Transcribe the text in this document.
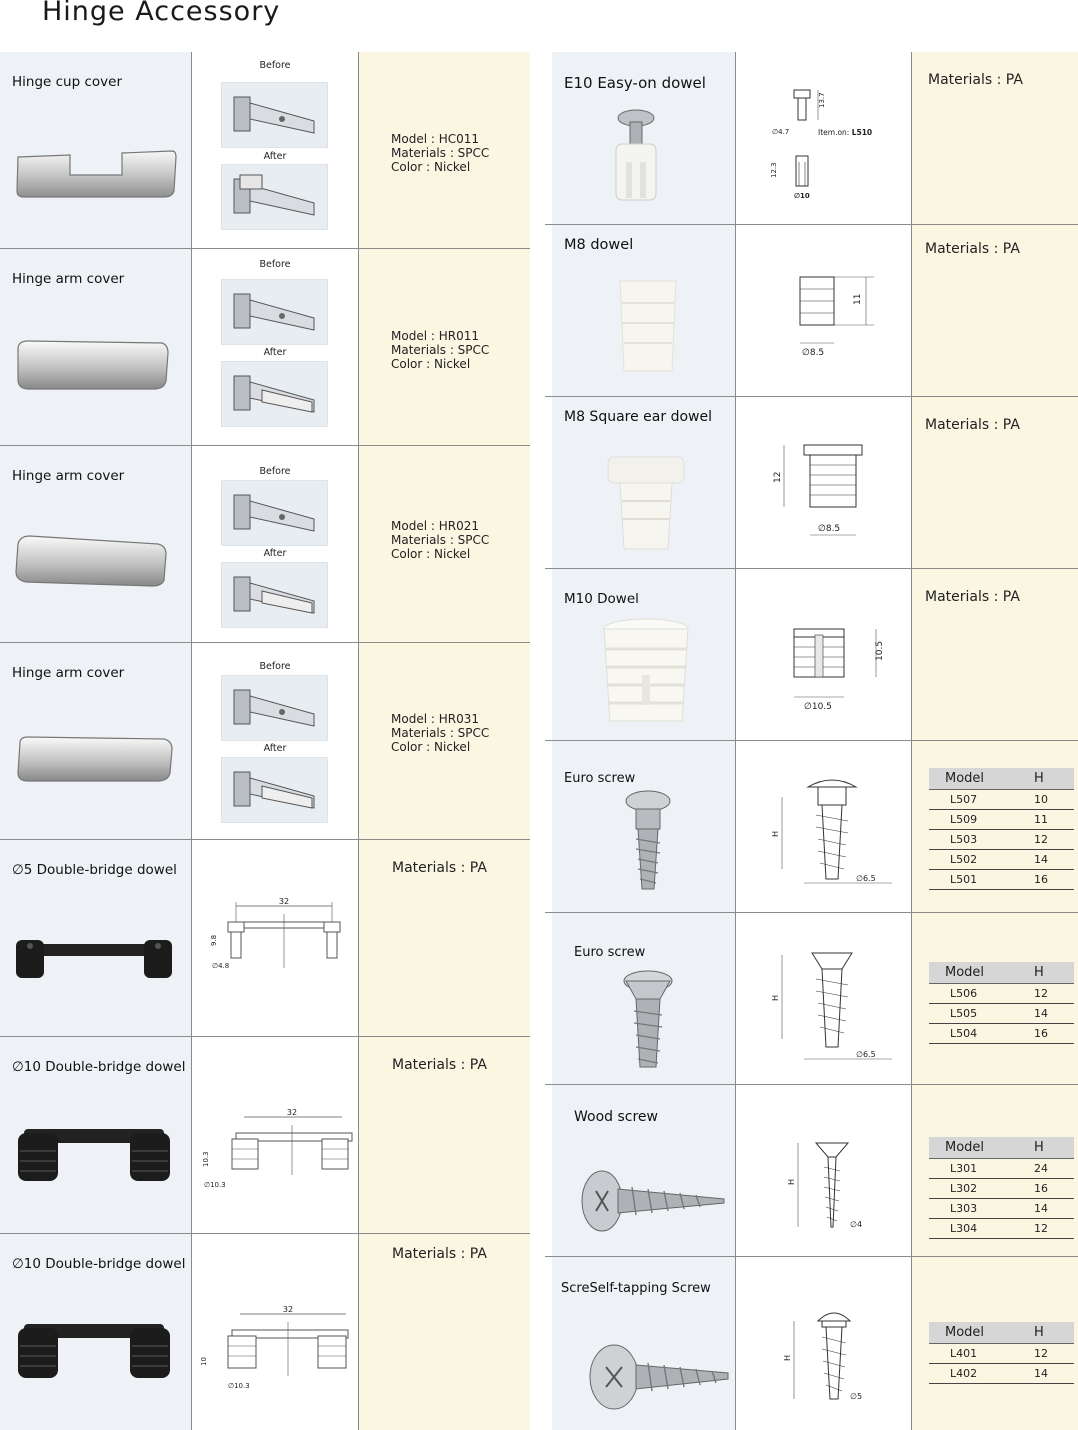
Hinge Accessory
Hinge cup cover
Before
After
Model : HC011
Materials : SPCC
Color : Nickel
Hinge arm cover
Before
After
Model : HR011
Materials : SPCC
Color : Nickel
Hinge arm cover	Before
After
Model : HR021
Materials : SPCC
Color : Nickel
Hinge arm cover	Before
After
Model : HR031
Materials : SPCC
Color : Nickel
∅5 Double-bridge dowel
32
9.8
∅4.8
Materials : PA
∅10 Double-bridge dowel
32
10.3
∅10.3
Materials : PA
∅10 Double-bridge dowel
32
10
∅10.3
Materials : PA
E10 Easy-on dowel
13.7
∅4.7	Item.on: L510
12.3
∅10
Materials : PA
M8 dowel
11
∅8.5
Materials : PA
M8 Square ear dowel
12
∅8.5
Materials : PA
M10 Dowel
10.5
∅10.5
Materials : PA
Euro screw
H
∅6.5
Model	H
L507	10
L509	11
L503	12
L502	14
L501	16
Euro screw
H
∅6.5
Model	H
L506	12
L505	14
L504	16
Wood screw
H
∅4
Model	H
L301	24
L302	16
L303	14
L304	12
ScreSelf-tapping Screw
H
∅5
Model	H
L401	12
L402	14
